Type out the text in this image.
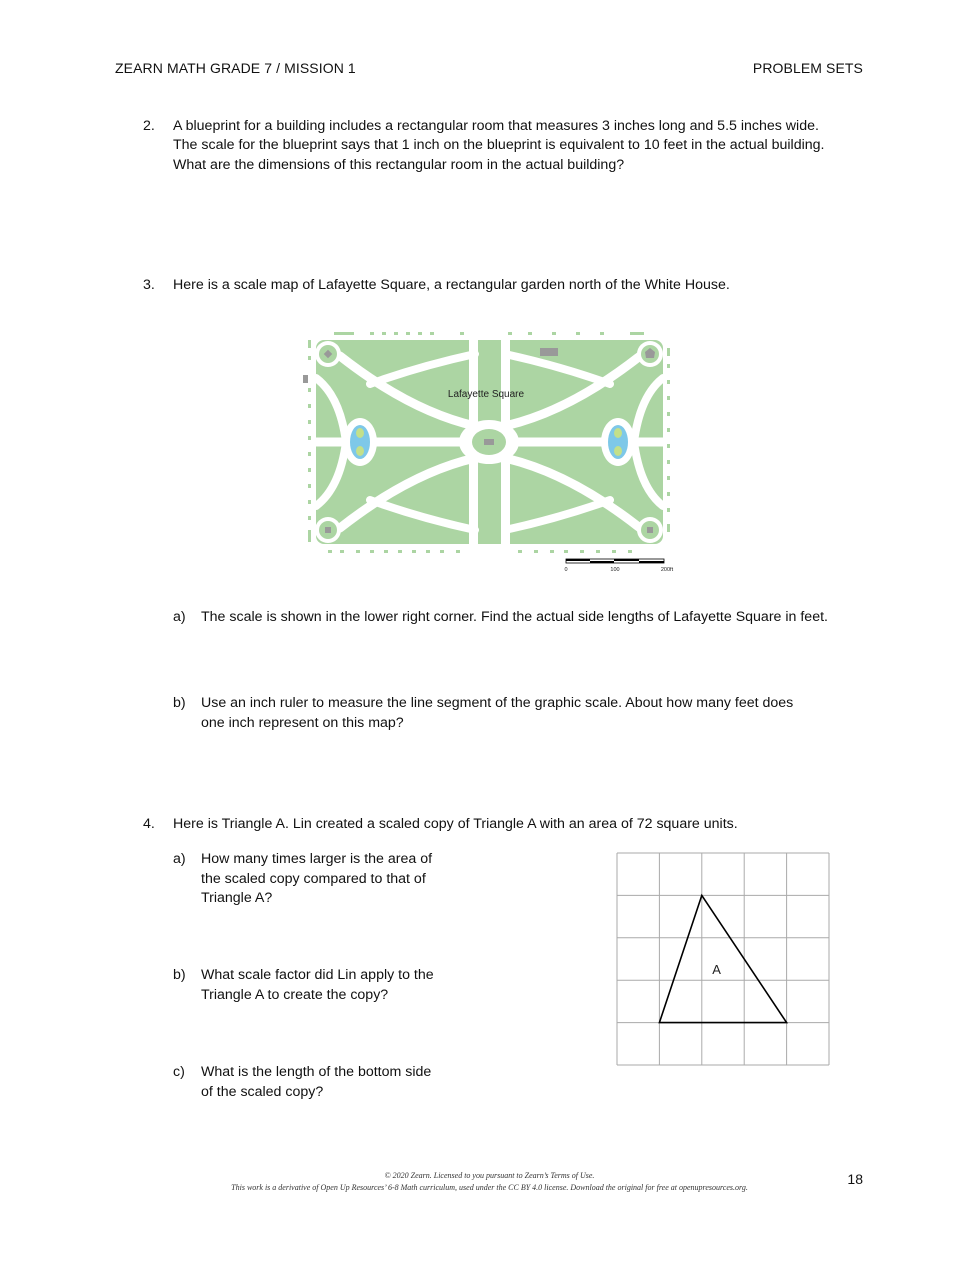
ZEARN MATH GRADE 7 / MISSION 1	PROBLEM SETS
2. A blueprint for a building includes a rectangular room that measures 3 inches long and 5.5 inches wide.
The scale for the blueprint says that 1 inch on the blueprint is equivalent to 10 feet in the actual building.
What are the dimensions of this rectangular room in the actual building?
3. Here is a scale map of Lafayette Square, a rectangular garden north of the White House.
Lafayette Square
0	100	200ft
a) The scale is shown in the lower right corner. Find the actual side lengths of Lafayette Square in feet.
b) Use an inch ruler to measure the line segment of the graphic scale. About how many feet does
one inch represent on this map?
4. Here is Triangle A. Lin created a scaled copy of Triangle A with an area of 72 square units.
a) How many times larger is the area of
the scaled copy compared to that of
Triangle A?
b) What scale factor did Lin apply to the
Triangle A to create the copy?
c) What is the length of the bottom side
of the scaled copy?
A
© 2020 Zearn. Licensed to you pursuant to Zearn’s Terms of Use.
This work is a derivative of Open Up Resources’ 6-8 Math curriculum, used under the CC BY 4.0 license. Download the original for free at openupresources.org.	18
